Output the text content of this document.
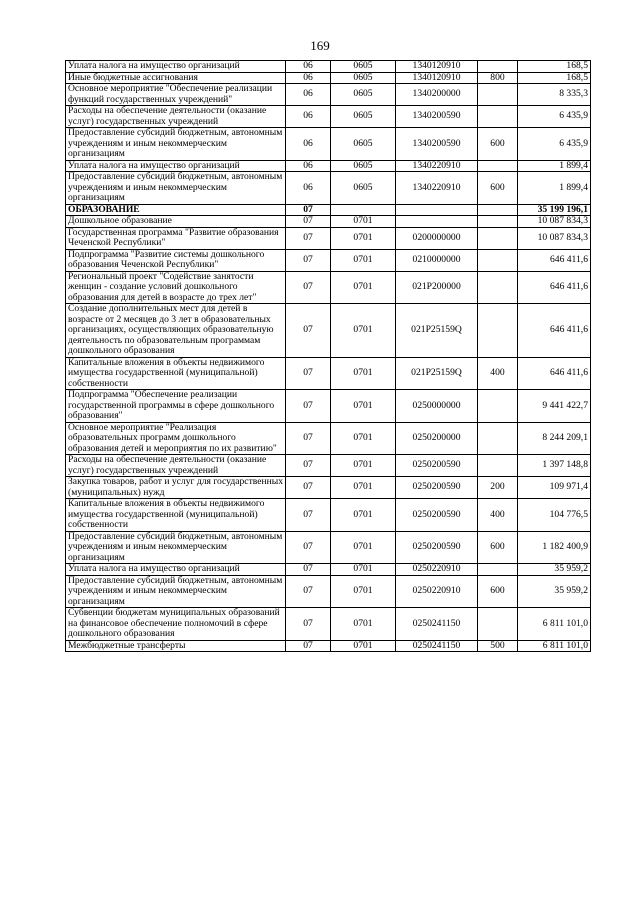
169
Уплата налога на имущество организаций	06	0605	1340120910		168,5
Иные бюджетные ассигнования	06	0605	1340120910	800	168,5
Основное мероприятие "Обеспечение реализации функций государственных учреждений"	06	0605	1340200000		8 335,3
Расходы на обеспечение деятельности (оказание услуг) государственных учреждений	06	0605	1340200590		6 435,9
Предоставление субсидий бюджетным, автономным учреждениям и иным некоммерческим организациям	06	0605	1340200590	600	6 435,9
Уплата налога на имущество организаций	06	0605	1340220910		1 899,4
Предоставление субсидий бюджетным, автономным учреждениям и иным некоммерческим организациям	06	0605	1340220910	600	1 899,4
ОБРАЗОВАНИЕ	07				35 199 196,1
Дошкольное образование	07	0701			10 087 834,3
Государственная программа "Развитие образования Чеченской Республики"	07	0701	0200000000		10 087 834,3
Подпрограмма "Развитие системы дошкольного образования Чеченской Республики"	07	0701	0210000000		646 411,6
Региональный проект "Содействие занятости женщин - создание условий дошкольного образования для детей в возрасте до трех лет"	07	0701	021P200000		646 411,6
Создание дополнительных мест для детей в возрасте от 2 месяцев до 3 лет в образовательных организациях, осуществляющих образовательную деятельность по образовательным программам дошкольного образования	07	0701	021P25159Q		646 411,6
Капитальные вложения в объекты недвижимого имущества государственной (муниципальной) собственности	07	0701	021P25159Q	400	646 411,6
Подпрограмма "Обеспечение реализации государственной программы в сфере дошкольного образования"	07	0701	0250000000		9 441 422,7
Основное мероприятие "Реализация образовательных программ дошкольного образования детей и мероприятия по их развитию"	07	0701	0250200000		8 244 209,1
Расходы на обеспечение деятельности (оказание услуг) государственных учреждений	07	0701	0250200590		1 397 148,8
Закупка товаров, работ и услуг для государственных (муниципальных) нужд	07	0701	0250200590	200	109 971,4
Капитальные вложения в объекты недвижимого имущества государственной (муниципальной) собственности	07	0701	0250200590	400	104 776,5
Предоставление субсидий бюджетным, автономным учреждениям и иным некоммерческим организациям	07	0701	0250200590	600	1 182 400,9
Уплата налога на имущество организаций	07	0701	0250220910		35 959,2
Предоставление субсидий бюджетным, автономным учреждениям и иным некоммерческим организациям	07	0701	0250220910	600	35 959,2
Субвенции бюджетам муниципальных образований на финансовое обеспечение полномочий в сфере дошкольного образования	07	0701	0250241150		6 811 101,0
Межбюджетные трансферты	07	0701	0250241150	500	6 811 101,0
